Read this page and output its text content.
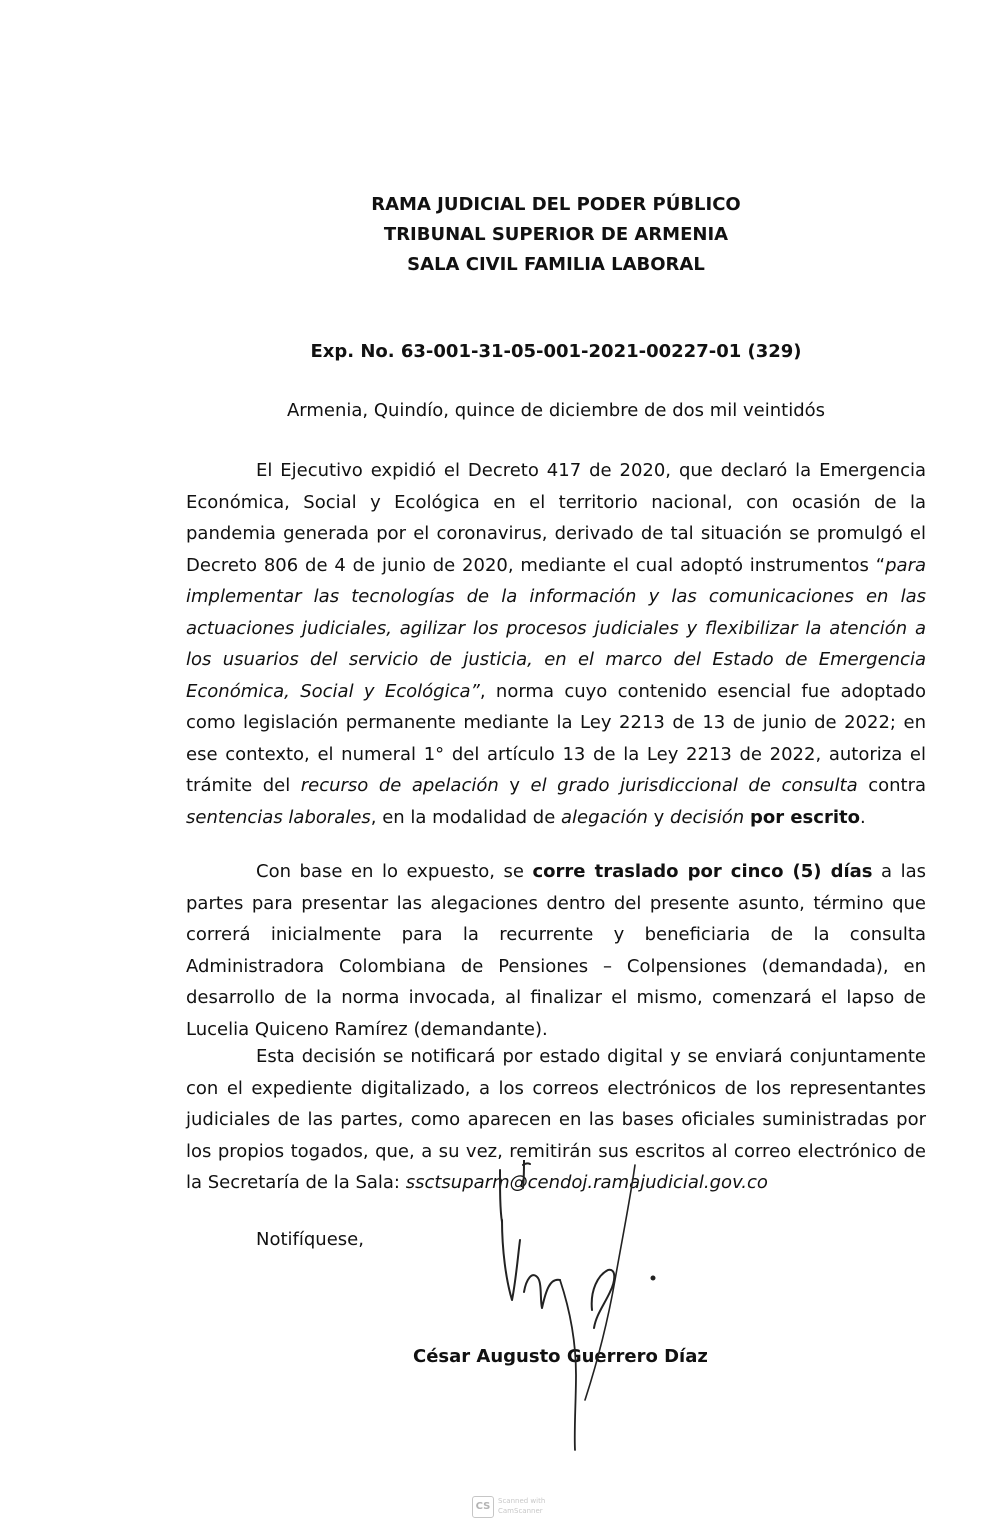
RAMA JUDICIAL DEL PODER PÚBLICO
TRIBUNAL SUPERIOR DE ARMENIA
SALA CIVIL FAMILIA LABORAL
Exp. No. 63-001-31-05-001-2021-00227-01 (329)
Armenia, Quindío, quince de diciembre de dos mil veintidós

El Ejecutivo expidió el Decreto 417 de 2020, que declaró la Emergencia Económica, Social y Ecológica en el territorio nacional, con ocasión de la pandemia generada por el coronavirus, derivado de tal situación se promulgó el Decreto 806 de 4 de junio de 2020, mediante el cual adoptó instrumentos “para implementar las tecnologías de la información y las comunicaciones en las actuaciones judiciales, agilizar los procesos judiciales y flexibilizar la atención a los usuarios del servicio de justicia, en el marco del Estado de Emergencia Económica, Social y Ecológica”, norma cuyo contenido esencial fue adoptado como legislación permanente mediante la Ley 2213 de 13 de junio de 2022; en ese contexto, el numeral 1° del artículo 13 de la Ley 2213 de 2022, autoriza el trámite del recurso de apelación y el grado jurisdiccional de consulta contra sentencias laborales, en la modalidad de alegación y decisión por escrito.

Con base en lo expuesto, se corre traslado por cinco (5) días a las partes para presentar las alegaciones dentro del presente asunto, término que correrá inicialmente para la recurrente y beneficiaria de la consulta Administradora Colombiana de Pensiones – Colpensiones (demandada), en desarrollo de la norma invocada, al finalizar el mismo, comenzará el lapso de Lucelia Quiceno Ramírez (demandante).

Esta decisión se notificará por estado digital y se enviará conjuntamente con el expediente digitalizado, a los correos electrónicos de los representantes judiciales de las partes, como aparecen en las bases oficiales suministradas por los propios togados, que, a su vez, remitirán sus escritos al correo electrónico de la Secretaría de la Sala: ssctsuparm@cendoj.ramajudicial.gov.co

Notifíquese,
César Augusto Guerrero Díaz
CS	Scanned with
CamScanner
